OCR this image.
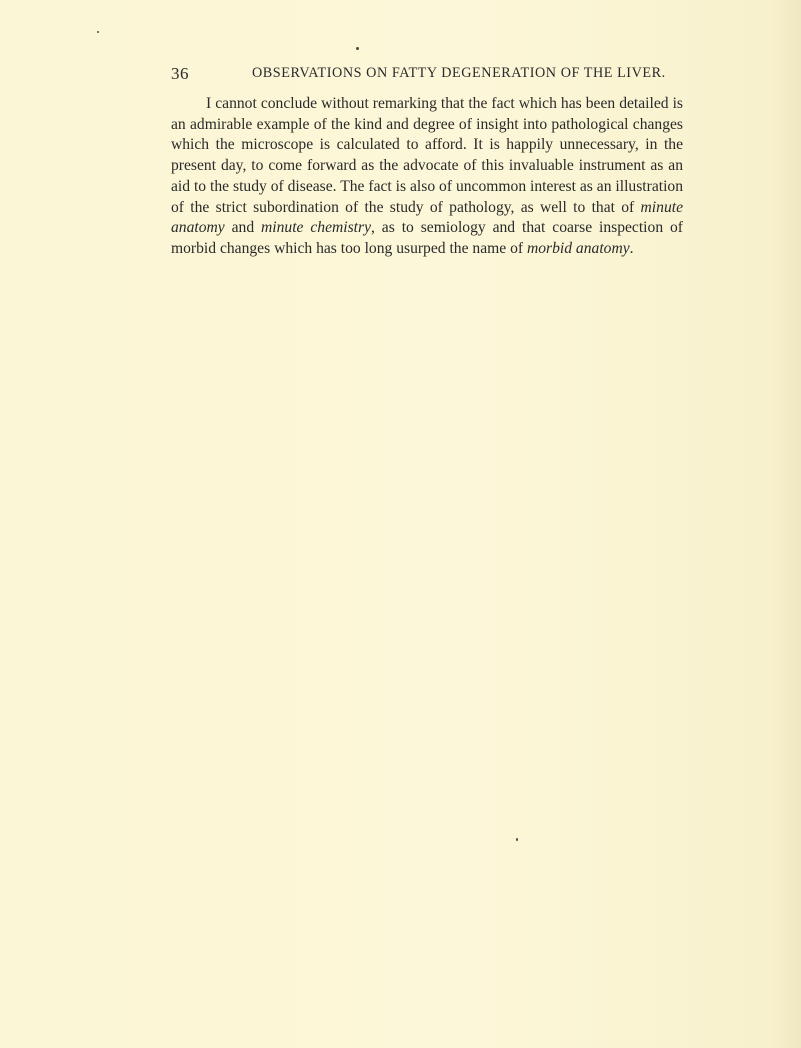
36	OBSERVATIONS ON FATTY DEGENERATION OF THE LIVER.

I cannot conclude without remarking that the fact which has been detailed is an admirable example of the kind and degree of insight into pathological changes which the microscope is calculated to afford. It is happily unnecessary, in the present day, to come forward as the advocate of this invaluable instrument as an aid to the study of disease. The fact is also of uncommon interest as an illustration of the strict subordination of the study of pathology, as well to that of minute anatomy and minute chemistry, as to semiology and that coarse inspection of morbid changes which has too long usurped the name of morbid anatomy.
